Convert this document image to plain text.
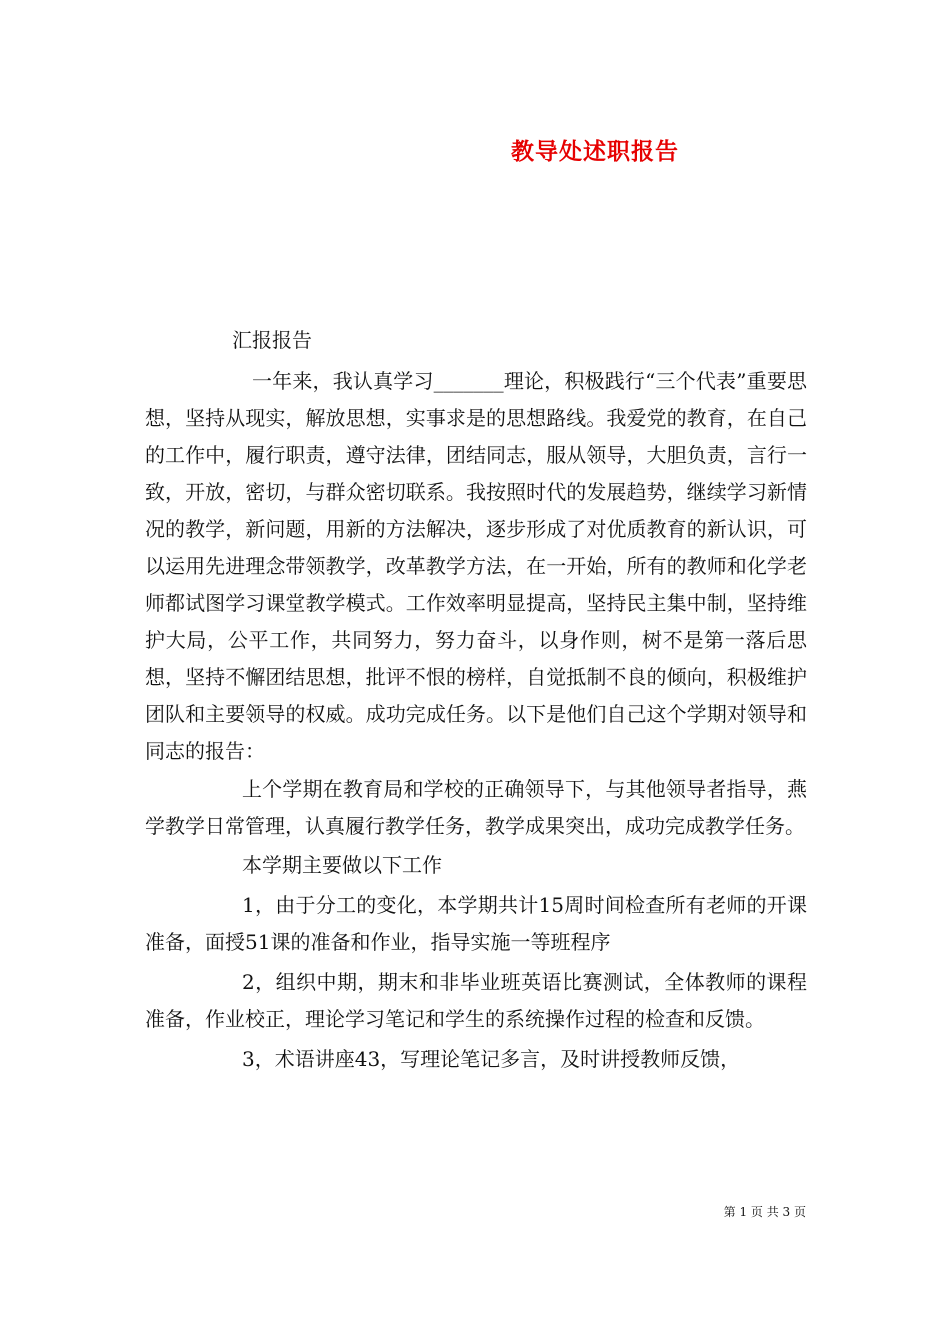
教导处述职报告
汇报报告

一年来，我认真学习_______理论，积极践行“三个代表”重要思想，坚持从现实，解放思想，实事求是的思想路线。我爱党的教育，在自己的工作中，履行职责，遵守法律，团结同志，服从领导，大胆负责，言行一致，开放，密切，与群众密切联系。我按照时代的发展趋势，继续学习新情况的教学，新问题，用新的方法解决，逐步形成了对优质教育的新认识，可以运用先进理念带领教学，改革教学方法，在一开始，所有的教师和化学老师都试图学习课堂教学模式。工作效率明显提高，坚持民主集中制，坚持维护大局，公平工作，共同努力，努力奋斗，以身作则，树不是第一落后思想，坚持不懈团结思想，批评不恨的榜样，自觉抵制不良的倾向，积极维护团队和主要领导的权威。成功完成任务。以下是他们自己这个学期对领导和同志的报告：

上个学期在教育局和学校的正确领导下，与其他领导者指导，燕学教学日常管理，认真履行教学任务，教学成果突出，成功完成教学任务。

本学期主要做以下工作

1，由于分工的变化，本学期共计15周时间检查所有老师的开课准备，面授51课的准备和作业，指导实施一等班程序

2，组织中期，期末和非毕业班英语比赛测试，全体教师的课程准备，作业校正，理论学习笔记和学生的系统操作过程的检查和反馈。

3，术语讲座43，写理论笔记多言，及时讲授教师反馈，

第 1 页 共 3 页
